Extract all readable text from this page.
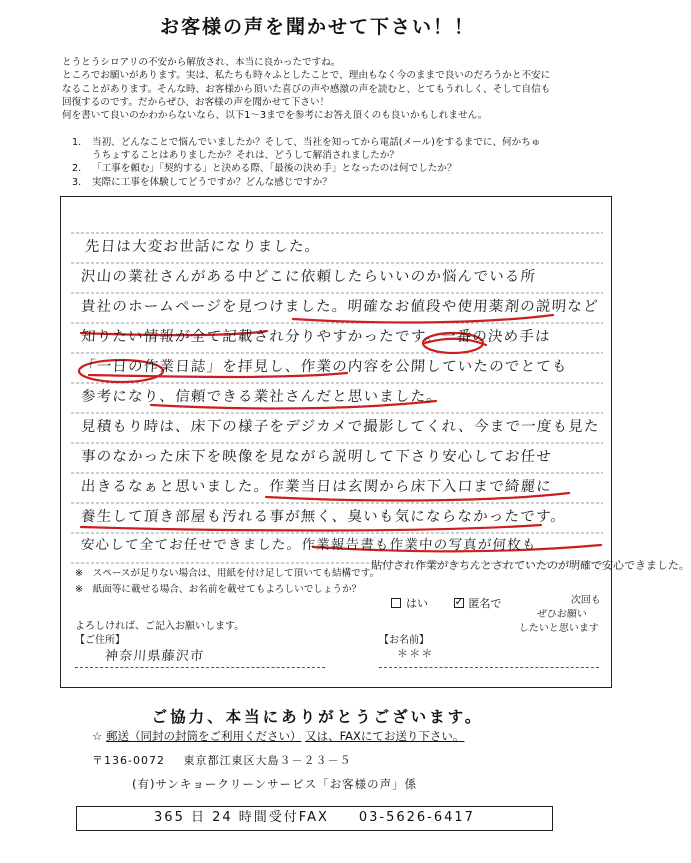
お客様の声を聞かせて下さい！！

とうとうシロアリの不安から解放され、本当に良かったですね。

ところでお願いがあります。実は、私たちも時々ふとしたことで、理由もなく今のままで良いのだろうかと不安に

なることがあります。そんな時、お客様から頂いた喜びの声や感激の声を読むと、とてもうれしく、そして自信も

回復するのです。だからぜひ、お客様の声を聞かせて下さい！

何を書いて良いのかわからないなら、以下1～3までを参考にお答え頂くのも良いかもしれません。

1.	当初、どんなことで悩んでいましたか？そして、当社を知ってから電話(メール)をするまでに、何かちゅ
うちょすることはありましたか？それは、どうして解消されましたか？
2.	「工事を頼む」「契約する」と決める際、「最後の決め手」となったのは何でしたか？
3.	実際に工事を体験してどうですか？どんな感じですか？
先日は大変お世話になりました。
沢山の業社さんがある中どこに依頼したらいいのか悩んでいる所
貴社のホームページを見つけました。明確なお値段や使用薬剤の説明など
知りたい情報が全て記載され分りやすかったです。一番の決め手は
「一日の作業日誌」を拝見し、作業の内容を公開していたのでとても
参考になり、信頼できる業社さんだと思いました。
見積もり時は、床下の様子をデジカメで撮影してくれ、今まで一度も見た
事のなかった床下を映像を見ながら説明して下さり安心してお任せ
出きるなぁと思いました。作業当日は玄関から床下入口まで綺麗に
養生して頂き部屋も汚れる事が無く、臭いも気にならなかったです。
安心して全てお任せできました。作業報告書も作業中の写真が何枚も
貼付され作業がきちんとされていたのが明確で安心できました。
※　スペースが足りない場合は、用紙を付け足して頂いても結構です。
※　紙面等に載せる場合、お名前を載せてもよろしいでしょうか？
はい ✓	匿名で	次回も
ぜひお願い
したいと思います
よろしければ、ご記入お願いします。
【ご住所】
神奈川県藤沢市
【お名前】
＊＊＊
ご協力、本当にありがとうございます。
☆ 郵送（同封の封筒をご利用ください） 又は、FAXにてお送り下さい。
〒136-0072 東京都江東区大島３－２３－５
(有)サンキョークリーンサービス「お客様の声」係
365 日 24 時間受付FAX　　03-5626-6417
